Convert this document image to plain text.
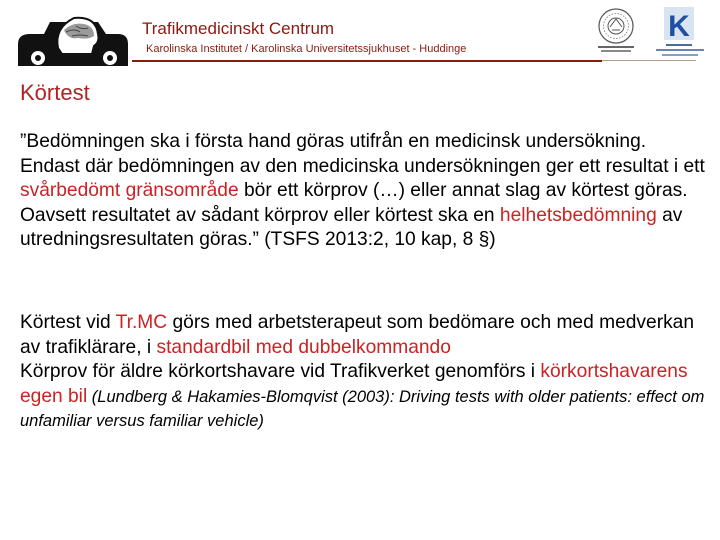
Trafikmedicinskt Centrum
Karolinska Institutet / Karolinska Universitetssjukhuset - Huddinge
K
Körtest
”Bedömningen ska i första hand göras utifrån en medicinsk undersökning. Endast där bedömningen av den medicinska undersökningen ger ett resultat i ett svårbedömt gränsområde bör ett körprov (…) eller annat slag av körtest göras. Oavsett resultatet av sådant körprov eller körtest ska en helhetsbedömning av utredningsresultaten göras.” (TSFS 2013:2, 10 kap, 8 §)
Körtest vid Tr.MC görs med arbetsterapeut som bedömare och med medverkan av trafiklärare, i standardbil med dubbelkommando
Körprov för äldre körkortshavare vid Trafikverket genomförs i körkortshavarens egen bil (Lundberg & Hakamies-Blomqvist (2003): Driving tests with older patients: effect om unfamiliar versus familiar vehicle)
